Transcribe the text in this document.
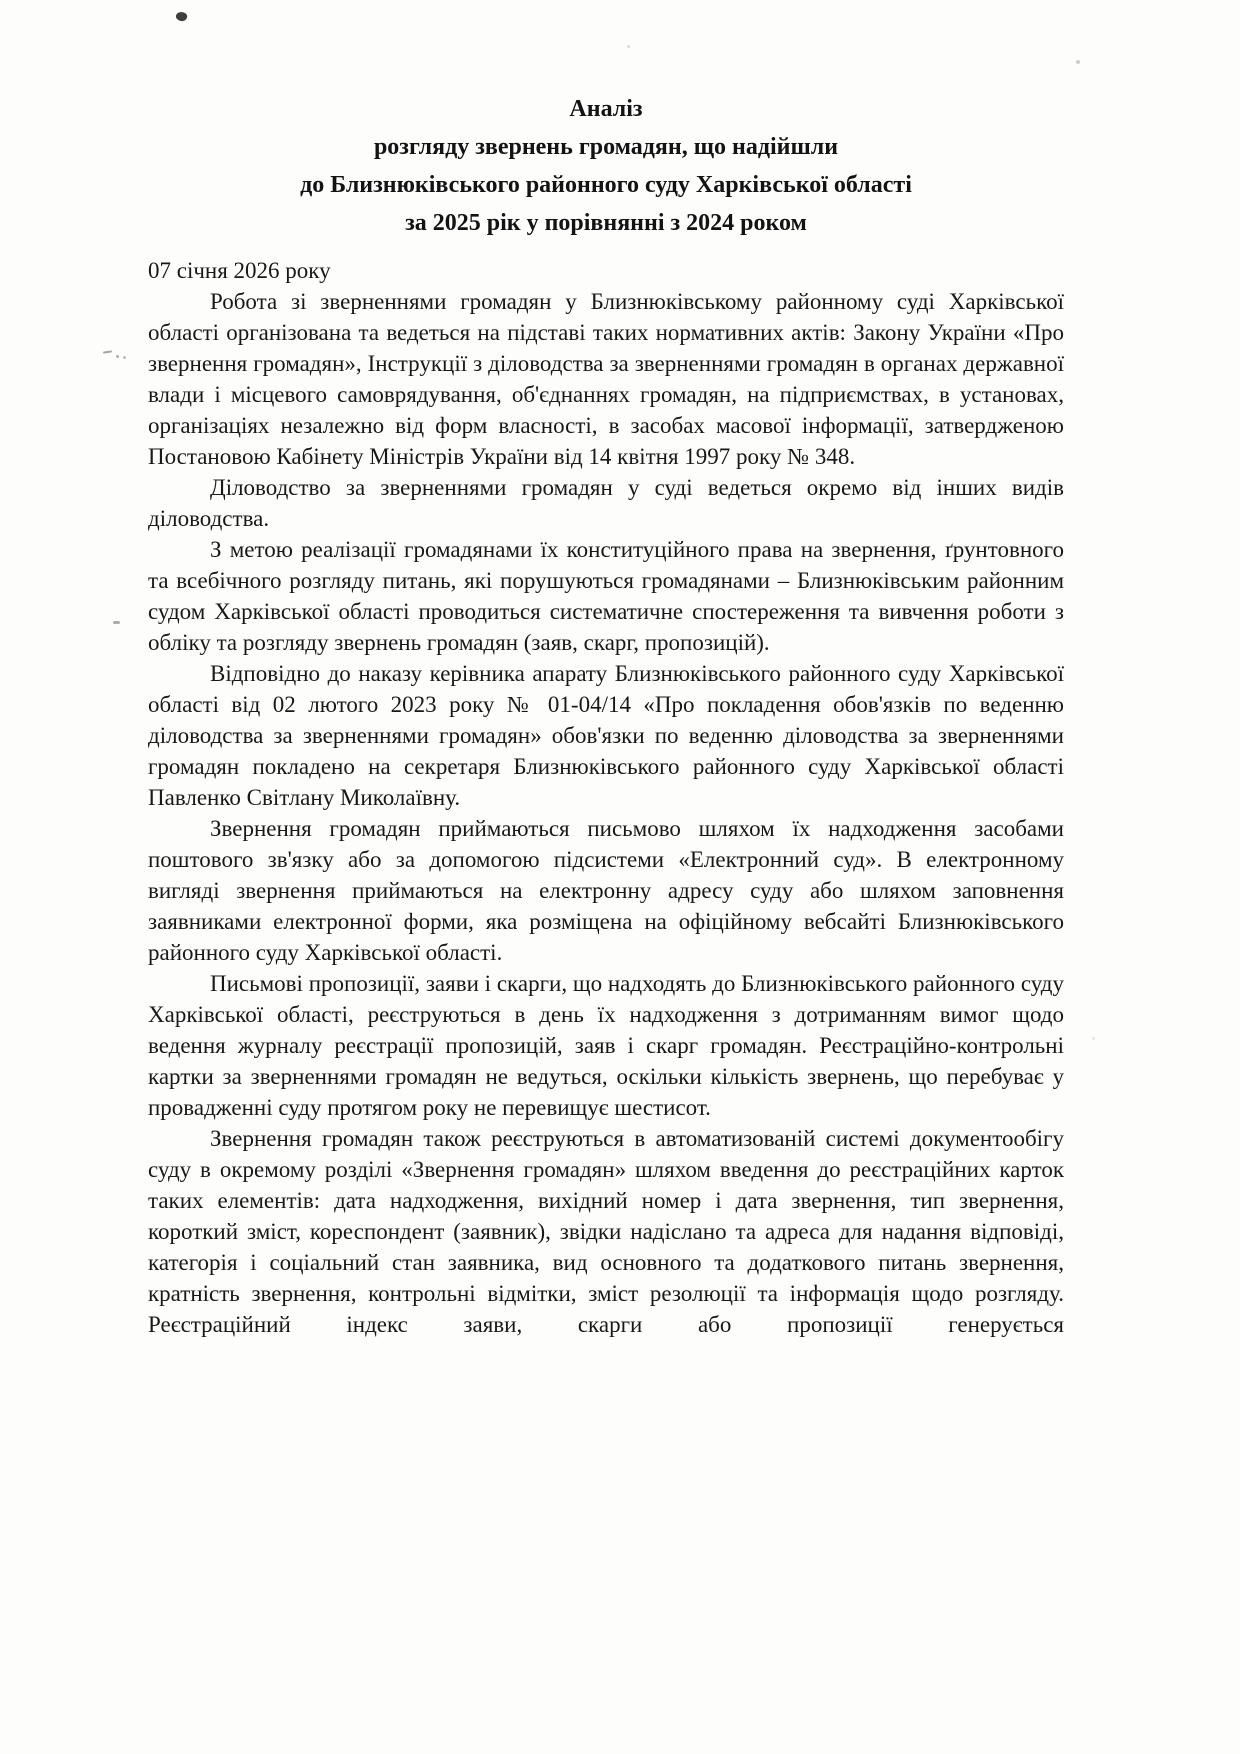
Аналіз
розгляду звернень громадян, що надійшли
до Близнюківського районного суду Харківської області
за 2025 рік у порівнянні з 2024 роком

07 січня 2026 року

Робота зі зверненнями громадян у Близнюківському районному суді Харківської області організована та ведеться на підставі таких нормативних актів: Закону України «Про звернення громадян», Інструкції з діловодства за зверненнями громадян в органах державної влади і місцевого самоврядування, об'єднаннях громадян, на підприємствах, в установах, організаціях незалежно від форм власності, в засобах масової інформації, затвердженою Постановою Кабінету Міністрів України від 14 квітня 1997 року № 348.

Діловодство за зверненнями громадян у суді ведеться окремо від інших видів діловодства.

З метою реалізації громадянами їх конституційного права на звернення, ґрунтовного та всебічного розгляду питань, які порушуються громадянами – Близнюківським районним судом Харківської області проводиться систематичне спостереження та вивчення роботи з обліку та розгляду звернень громадян (заяв, скарг, пропозицій).

Відповідно до наказу керівника апарату Близнюківського районного суду Харківської області від 02 лютого 2023 року № 01-04/14 «Про покладення обов'язків по веденню діловодства за зверненнями громадян» обов'язки по веденню діловодства за зверненнями громадян покладено на секретаря Близнюківського районного суду Харківської області Павленко Світлану Миколаївну.

Звернення громадян приймаються письмово шляхом їх надходження засобами поштового зв'язку або за допомогою підсистеми «Електронний суд». В електронному вигляді звернення приймаються на електронну адресу суду або шляхом заповнення заявниками електронної форми, яка розміщена на офіційному вебсайті Близнюківського районного суду Харківської області.

Письмові пропозиції, заяви і скарги, що надходять до Близнюківського районного суду Харківської області, реєструються в день їх надходження з дотриманням вимог щодо ведення журналу реєстрації пропозицій, заяв і скарг громадян. Реєстраційно-контрольні картки за зверненнями громадян не ведуться, оскільки кількість звернень, що перебуває у провадженні суду протягом року не перевищує шестисот.

Звернення громадян також реєструються в автоматизованій системі документообігу суду в окремому розділі «Звернення громадян» шляхом введення до реєстраційних карток таких елементів: дата надходження, вихідний номер і дата звернення, тип звернення, короткий зміст, кореспондент (заявник), звідки надіслано та адреса для надання відповіді, категорія і соціальний стан заявника, вид основного та додаткового питань звернення, кратність звернення, контрольні відмітки, зміст резолюції та інформація щодо розгляду. Реєстраційний індекс заяви, скарги або пропозиції генерується
